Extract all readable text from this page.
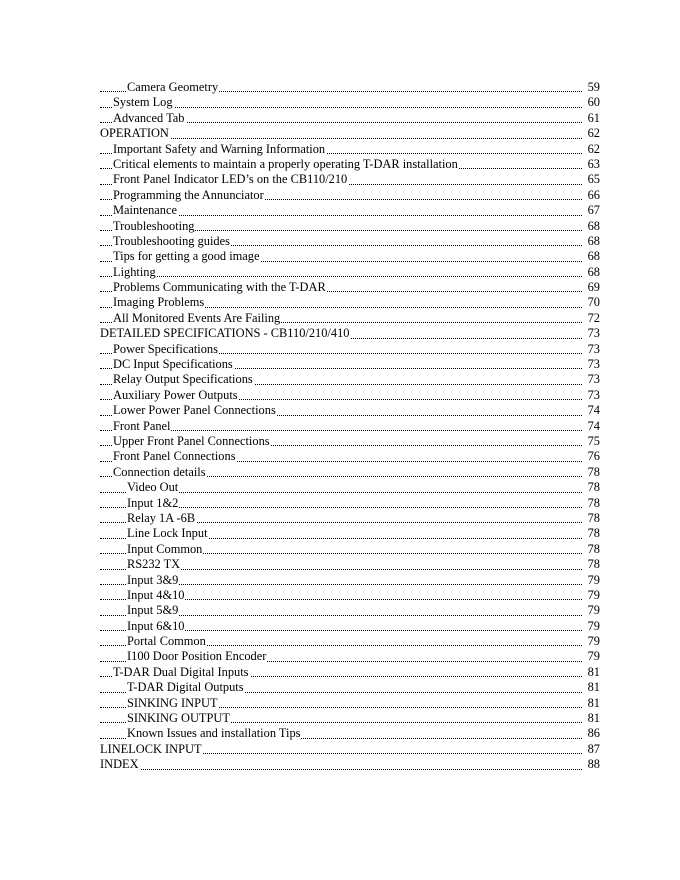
Camera Geometry	59
System Log	60
Advanced Tab	61
OPERATION	62
Important Safety and Warning Information	62
Critical elements to maintain a properly operating T-DAR installation	63
Front Panel Indicator LED’s on the CB110/210	65
Programming the Annunciator	66
Maintenance	67
Troubleshooting	68
Troubleshooting guides	68
Tips for getting a good image	68
Lighting	68
Problems Communicating with the T-DAR	69
Imaging Problems	70
All Monitored Events Are Failing	72
DETAILED SPECIFICATIONS - CB110/210/410	73
Power Specifications	73
DC Input Specifications	73
Relay Output Specifications	73
Auxiliary Power Outputs	73
Lower Power Panel Connections	74
Front Panel	74
Upper Front Panel Connections	75
Front Panel Connections	76
Connection details	78
Video Out	78
Input 1&2	78
Relay 1A -6B	78
Line Lock Input	78
Input Common	78
RS232 TX	78
Input 3&9	79
Input 4&10	79
Input 5&9	79
Input 6&10	79
Portal Common	79
I100 Door Position Encoder	79
T-DAR Dual Digital Inputs	81
T-DAR Digital Outputs	81
SINKING INPUT	81
SINKING OUTPUT	81
Known Issues and installation Tips	86
LINELOCK INPUT	87
INDEX	88
